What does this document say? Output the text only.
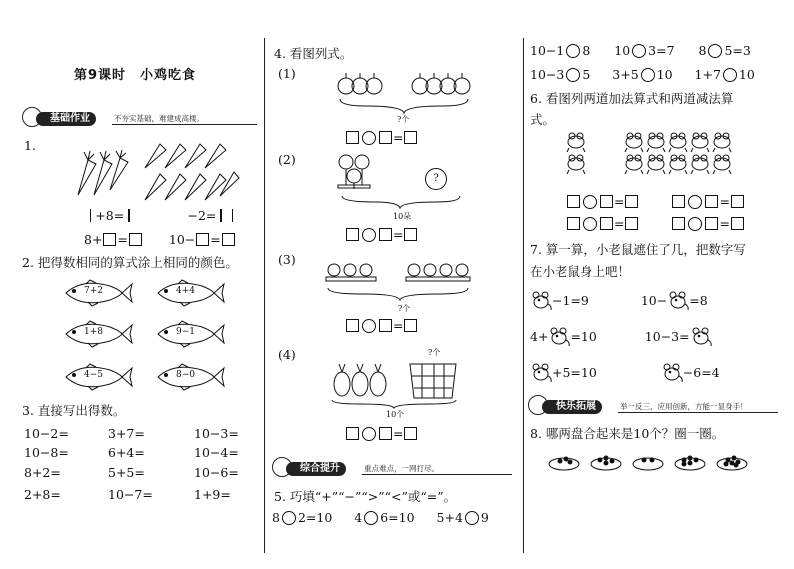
第9课时　小鸡吃食
基础作业	不夯实基础，难建成高楼。
1.
+8=	−2=
8+ =	10− =
2. 把得数相同的算式涂上相同的颜色。
7+2	4+4
1+8	9−1
4−5	8−0
3. 直接写出得数。
10−2=	3+7=	10−3=
10−8=	6+4=	10−4=
8+2=	5+5=	10−6=
2+8=	10−7=	1+9=
4. 看图列式。
(1)
?个
=
(2)
?
10朵
=
(3)
?个
=
(4)	?个
10个
=
综合提升	重点难点，一网打尽。
5. 巧填“+”“−”“>”“<”或“=”。
8 2=10 4 6=10 5+4 9
10−1 8 10 3=7 8 5=3
10−3 5 3+5 10 1+7 10
6. 看图列两道加法算式和两道减法算
式。
=	=
=	=
7. 算一算，小老鼠遮住了几，把数字写
在小老鼠身上吧！
−1=9	10− =8
4+ =10	10−3=
+5=10	−6=4
快乐拓展	举一反三，应用创新，方能一显身手！
8. 哪两盘合起来是10个？圈一圈。
